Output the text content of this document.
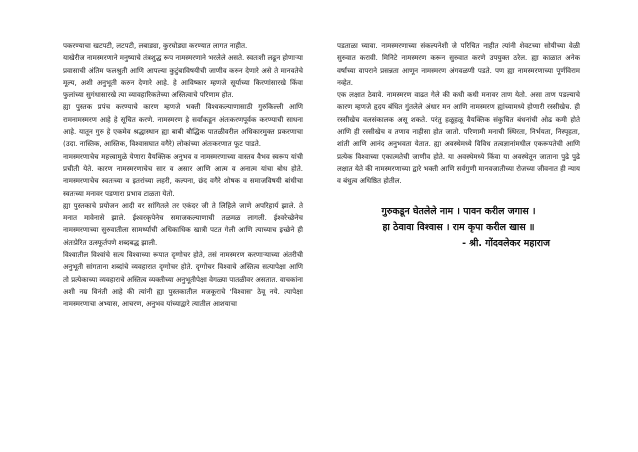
पकरण्याचा खटपटी, लटपटी, लबाड्या, कुरघोड्या करण्यात लागत नाहीत.

याखेरीज नामस्मरणाने मनुष्याचे तंत्रशुद्ध रूप नामस्मरणाने भरलेले असते. स्वतःशी लढून होणाऱ्या प्रवासाची अंतिम फलश्रुती आणि आपल्या कुटुंबाविषयीची जाणीव करुन देणारे असे ते मानवतेचे मूल्य, अशी अनुभूती करुन देणारे आहे. हे आविष्कार म्हणजे सूर्याच्या किरणांसारखे किंवा फुलांच्या सुगंधासारखे त्या व्यावहारिकतेच्या अस्तित्वाचे परिणाम होत.

ह्या पुस्तक प्रपंच करण्याचे कारण म्हणजे भक्ती विश्वकल्याणासाठी गुरुकिल्ली आणि रामनामस्मरण आहे हे सूचित करणे. नामस्मरण हे सर्वांकडून अंतःकरणपूर्वक करण्याची साधना आहे. यातून गुरु हे एकमेव श्रद्धास्थान ह्या बाबी बौद्धिक पातळीवरील अधिकारमुक्त प्रकरणाचा (उदा. नास्तिक, आस्तिक, विश्वासघात वगैरे) लोकांच्या अंतःकरणात फूट पाडते.

नामस्मरणाचेच महत्त्वामुळे येणारा वैयक्तिक अनुभव व नामस्मरणाच्या वास्तव वैभव स्वरूप यांची प्रचीती येते. कारण नामस्मरणाचेच सार व असार आणि आत्म व अनात्म यांचा बोध होते. नामस्मरणाचेच स्वतःच्या व इतरांच्या लहरी, कल्पना, छंद वगैरे शोषक व समाजविषयी बांधीचा स्वतःच्या मनावर पडणारा प्रभाव टाळता येतो.

ह्या पुस्तकाचे प्रयोजन आदी वर सांगितले तर एकंदर जी ते लिहिले जाणे अपरिहार्य झाले. ते मनात मावेनासे झाले. ईश्वरकृपेनेच समाजकल्याणाची तळमळ लागली. ईश्वरेच्छेनेच नामस्मरणाच्या सुरुवातीला सामर्थ्यांची अधिकाधिक खात्री पटत गेली आणि त्याच्याच इच्छेने ही अंतःप्रेरित उत्स्फूर्तपणे शब्दबद्ध झाली.

विश्वातील विश्वांचे सत्य विश्वाच्या रूपात दृग्गोचर होते, तसं नामस्मरण करणाऱ्याच्या अंतरीची अनुभूती सांगताना शब्दांचे व्यवहारात दृग्गोचर होते. दृग्गोचर विश्वाचे अस्तित्व सत्यापेक्षा आणि तो प्रत्येकाच्या व्यवहाराचे अस्तित्व व्यक्तीच्या अनुभूतीपेक्षा वेगळ्या पातळीवर असतात. वाचकांना अशी नम्र विनंती आहे की त्यांनी ह्या पुस्तकातील मजकूराचे 'विश्वास' ठेवू नये. त्यापेक्षा नामस्मरणाचा अभ्यास, आचरण, अनुभव यांच्याद्वारे त्यातील आशयाचा

पडताळा घ्यावा. नामस्मरणाच्या संकल्पनेशी जे परिचित नाहीत त्यांनी शेवटच्या सोयीच्या वेळी सुरुवात करावी. मिनिटे नामस्मरण करून सुरुवात करणे उपयुक्त ठरेल. ह्या काळात अनेक वर्षांच्या वापराने प्रसन्नता आणून नामस्मरण अंगवळणी पडते. पण ह्या नामस्मरणाच्या पूर्णविराम नव्हेत.

एक लक्षात ठेवावे. नामस्मरण वाढत गेले की कधी कधी मनावर ताण येतो. असा ताण पडल्याचे कारण म्हणजे हृदय बंधित गुंतलेले अंधार मन आणि नामस्मरण ह्यांच्यामध्ये होणारी रस्सीखेच. ही रस्सीखेच वलसंकालक असू शकते. परंतु हळूहळू वैयक्तिक संकुचित बंधनांची ओढ कमी होते आणि ही रस्सीखेच व तणाव नाहीसा होत जातो. परिणामी मनाची स्थिरता, निर्भयता, निस्पृहता, शांती आणि आनंद अनुभवता येतात. ह्या अवस्थेमध्ये विविध तत्वज्ञानांमधील एकरूपतेची आणि प्रत्येक विश्वाच्या एकात्मतेची जाणीव होते. या अवस्थेमध्ये किंवा या अवस्थेतून जाताना पुढे पुढे लक्षात येते की नामस्मरणाच्या द्वारे भक्ती आणि सर्वगुणी मानवजातीच्या रोजच्या जीवनात ही न्याय व बंधुत्व अधिष्ठित होतील.

गुरुकडून घेतलेले नाम । पावन करील जगास ।
हा ठेवावा विश्वास । राम कृपा करील खास ॥
- श्री. गोंदवलेकर महाराज
